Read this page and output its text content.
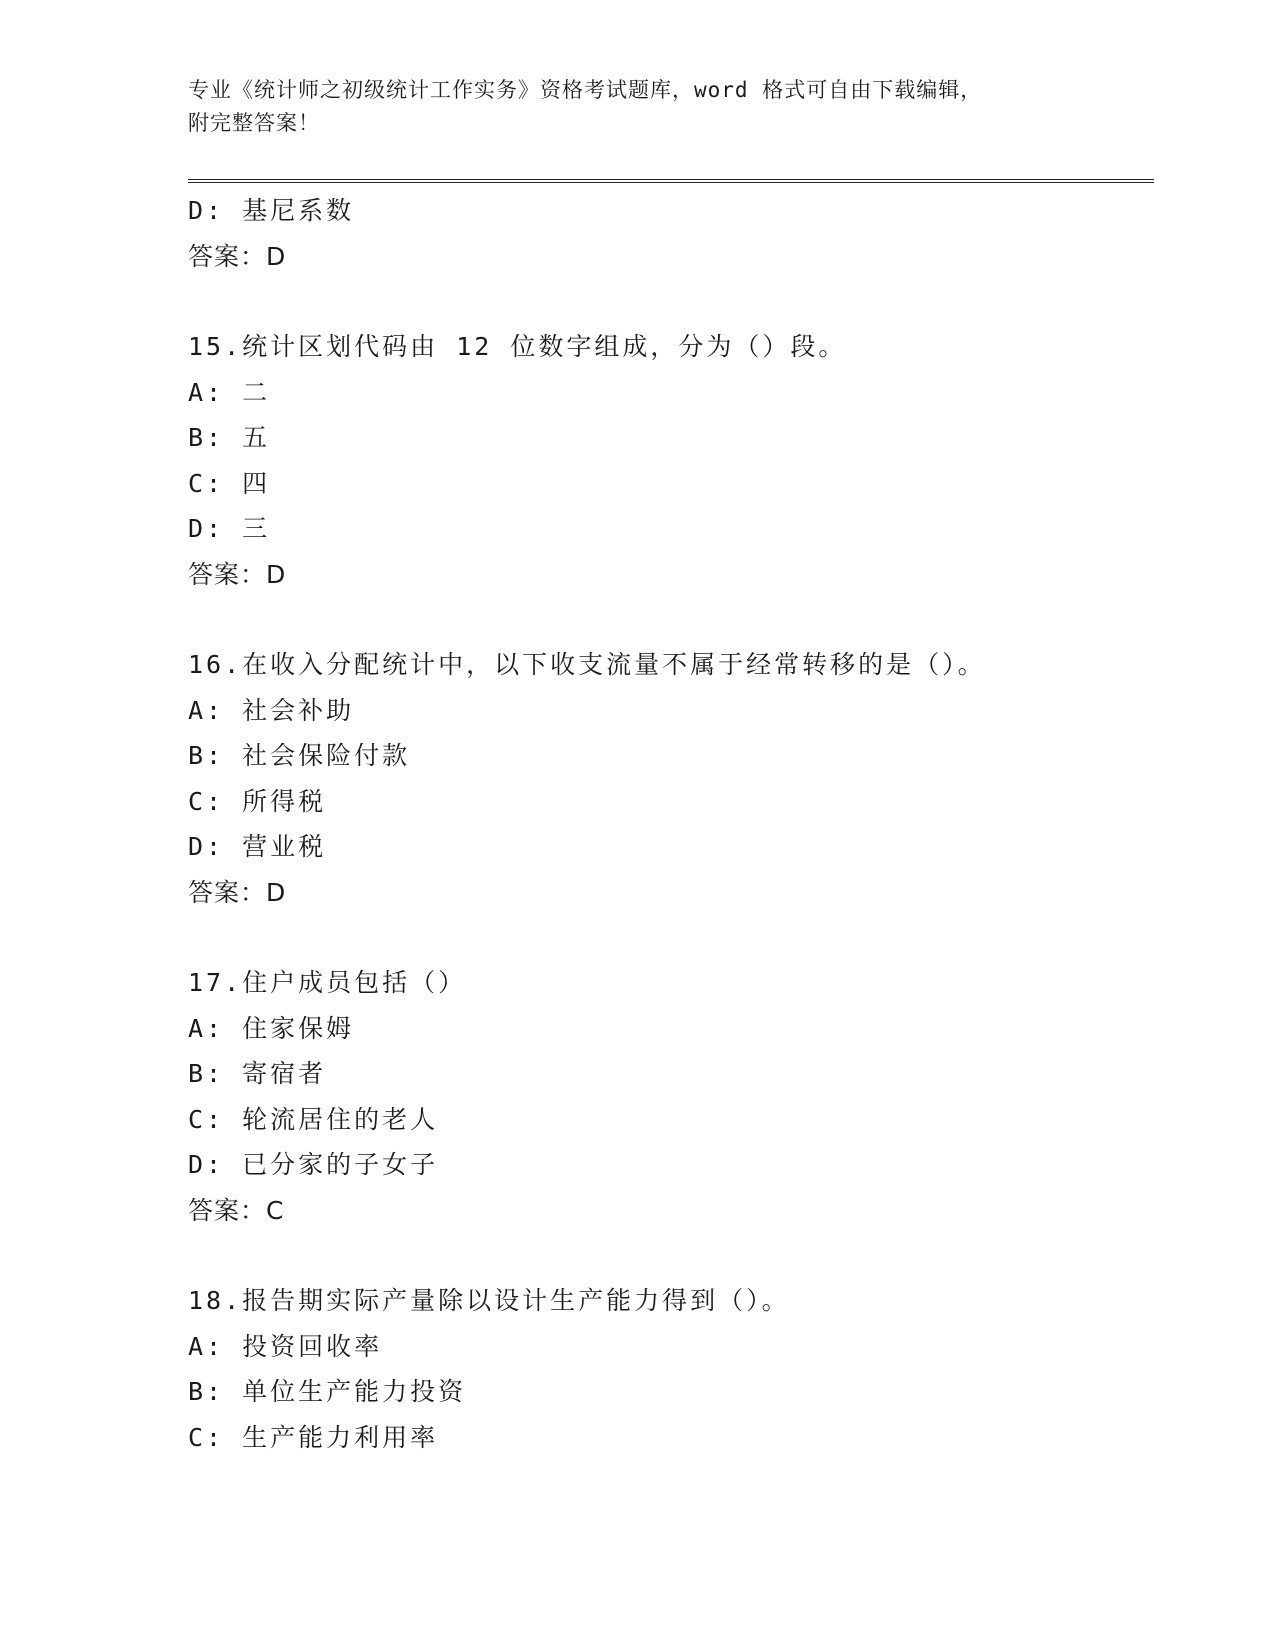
专业《统计师之初级统计工作实务》资格考试题库，word 格式可自由下载编辑，
附完整答案！
D: 基尼系数
答案：D
15.统计区划代码由 12 位数字组成，分为（）段。
A: 二
B: 五
C: 四
D: 三
答案：D
16.在收入分配统计中，以下收支流量不属于经常转移的是（）。
A: 社会补助
B: 社会保险付款
C: 所得税
D: 营业税
答案：D
17.住户成员包括（）
A: 住家保姆
B: 寄宿者
C: 轮流居住的老人
D: 已分家的子女子
答案：C
18.报告期实际产量除以设计生产能力得到（）。
A: 投资回收率
B: 单位生产能力投资
C: 生产能力利用率
